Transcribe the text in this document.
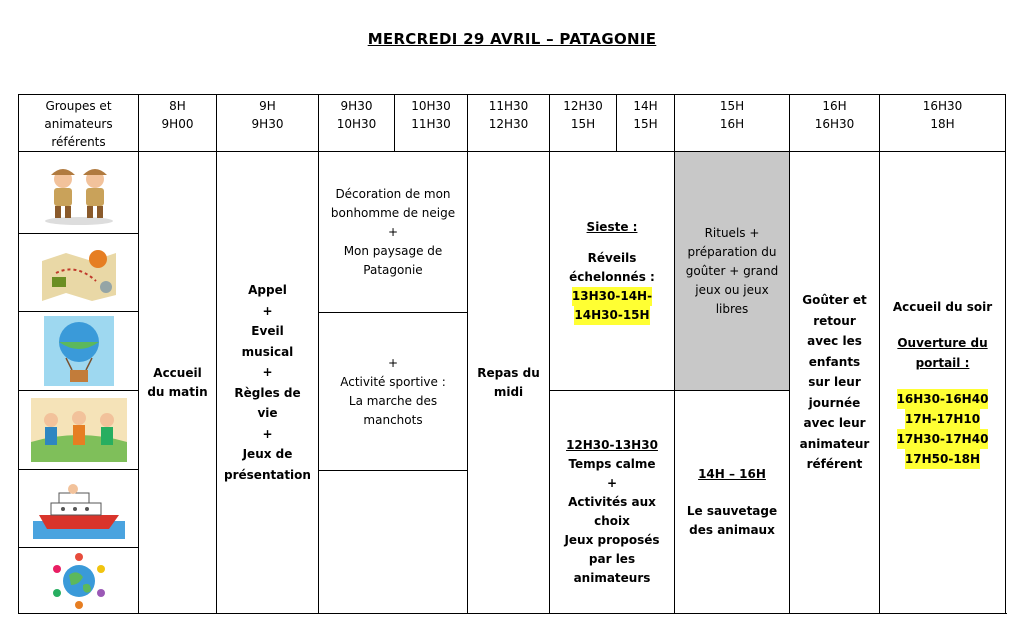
MERCREDI 29 AVRIL – PATAGONIE
Groupes et
animateurs
référents
8H
9H00
9H
9H30
9H30
10H30
10H30
11H30
11H30
12H30
12H30
15H
14H
15H
15H
16H
16H
16H30
16H30
18H
Accueil
du matin
Appel
+
Eveil
musical
+
Règles de
vie
+
Jeux de
présentation
Décoration de mon
bonhomme de neige
+
Mon paysage de
Patagonie
+
Activité sportive :
La marche des
manchots
Repas du
midi
Sieste :
Réveils
échelonnés :
13H30-14H-
14H30-15H
Rituels +
préparation du
goûter + grand
jeux ou jeux
libres
12H30-13H30
Temps calme
+
Activités aux
choix
Jeux proposés
par les
animateurs
14H – 16H
Le sauvetage
des animaux
Goûter et
retour
avec les
enfants
sur leur
journée
avec leur
animateur
référent
Accueil du soir
Ouverture du
portail :
16H30-16H40
17H-17H10
17H30-17H40
17H50-18H
